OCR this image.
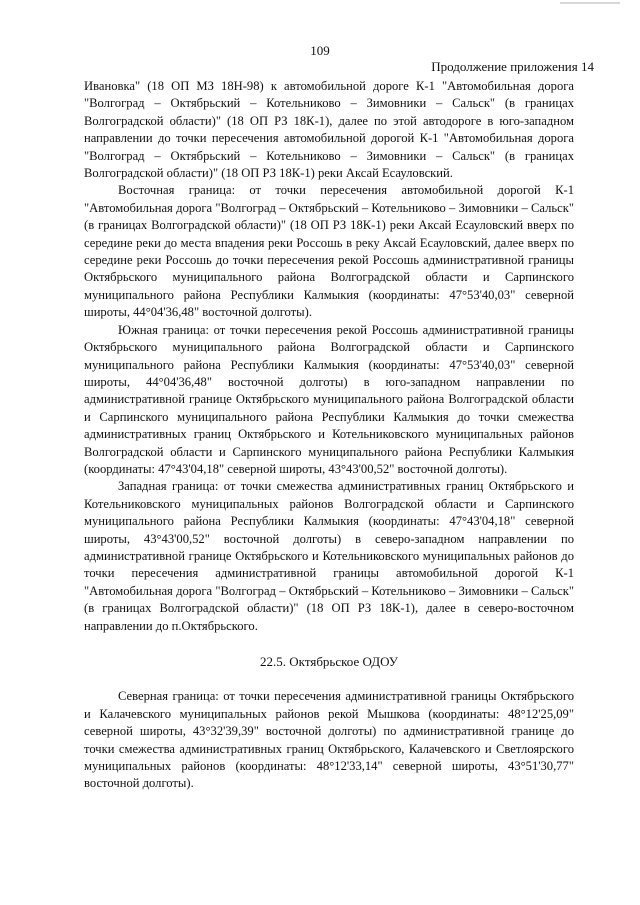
109
Продолжение приложения 14

Ивановка" (18 ОП МЗ 18Н-98) к автомобильной дороге К-1 "Автомобильная дорога "Волгоград – Октябрьский – Котельниково – Зимовники – Сальск" (в границах Волгоградской области)" (18 ОП РЗ 18К-1), далее по этой автодороге в юго-западном направлении до точки пересечения автомобильной дорогой К-1 "Автомобильная дорога "Волгоград – Октябрьский – Котельниково – Зимовники – Сальск" (в границах Волгоградской области)" (18 ОП РЗ 18К-1) реки Аксай Есауловский.

Восточная граница: от точки пересечения автомобильной дорогой К-1 "Автомобильная дорога "Волгоград – Октябрьский – Котельниково – Зимовники – Сальск" (в границах Волгоградской области)" (18 ОП РЗ 18К-1) реки Аксай Есауловский вверх по середине реки до места впадения реки Россошь в реку Аксай Есауловский, далее вверх по середине реки Россошь до точки пересечения рекой Россошь административной границы Октябрьского муниципального района Волгоградской области и Сарпинского муниципального района Республики Калмыкия (координаты: 47°53'40,03" северной широты, 44°04'36,48" восточной долготы).

Южная граница: от точки пересечения рекой Россошь административной границы Октябрьского муниципального района Волгоградской области и Сарпинского муниципального района Республики Калмыкия (координаты: 47°53'40,03" северной широты, 44°04'36,48" восточной долготы) в юго-западном направлении по административной границе Октябрьского муниципального района Волгоградской области и Сарпинского муниципального района Республики Калмыкия до точки смежества административных границ Октябрьского и Котельниковского муниципальных районов Волгоградской области и Сарпинского муниципального района Республики Калмыкия (координаты: 47°43'04,18" северной широты, 43°43'00,52" восточной долготы).

Западная граница: от точки смежества административных границ Октябрьского и Котельниковского муниципальных районов Волгоградской области и Сарпинского муниципального района Республики Калмыкия (координаты: 47°43'04,18" северной широты, 43°43'00,52" восточной долготы) в северо-западном направлении по административной границе Октябрьского и Котельниковского муниципальных районов до точки пересечения административной границы автомобильной дорогой К-1 "Автомобильная дорога "Волгоград – Октябрьский – Котельниково – Зимовники – Сальск" (в границах Волгоградской области)" (18 ОП РЗ 18К-1), далее в северо-восточном направлении до п.Октябрьского.

22.5. Октябрьское ОДОУ

Северная граница: от точки пересечения административной границы Октябрьского и Калачевского муниципальных районов рекой Мышкова (координаты: 48°12'25,09" северной широты, 43°32'39,39" восточной долготы) по административной границе до точки смежества административных границ Октябрьского, Калачевского и Светлоярского муниципальных районов (координаты: 48°12'33,14" северной широты, 43°51'30,77" восточной долготы).
